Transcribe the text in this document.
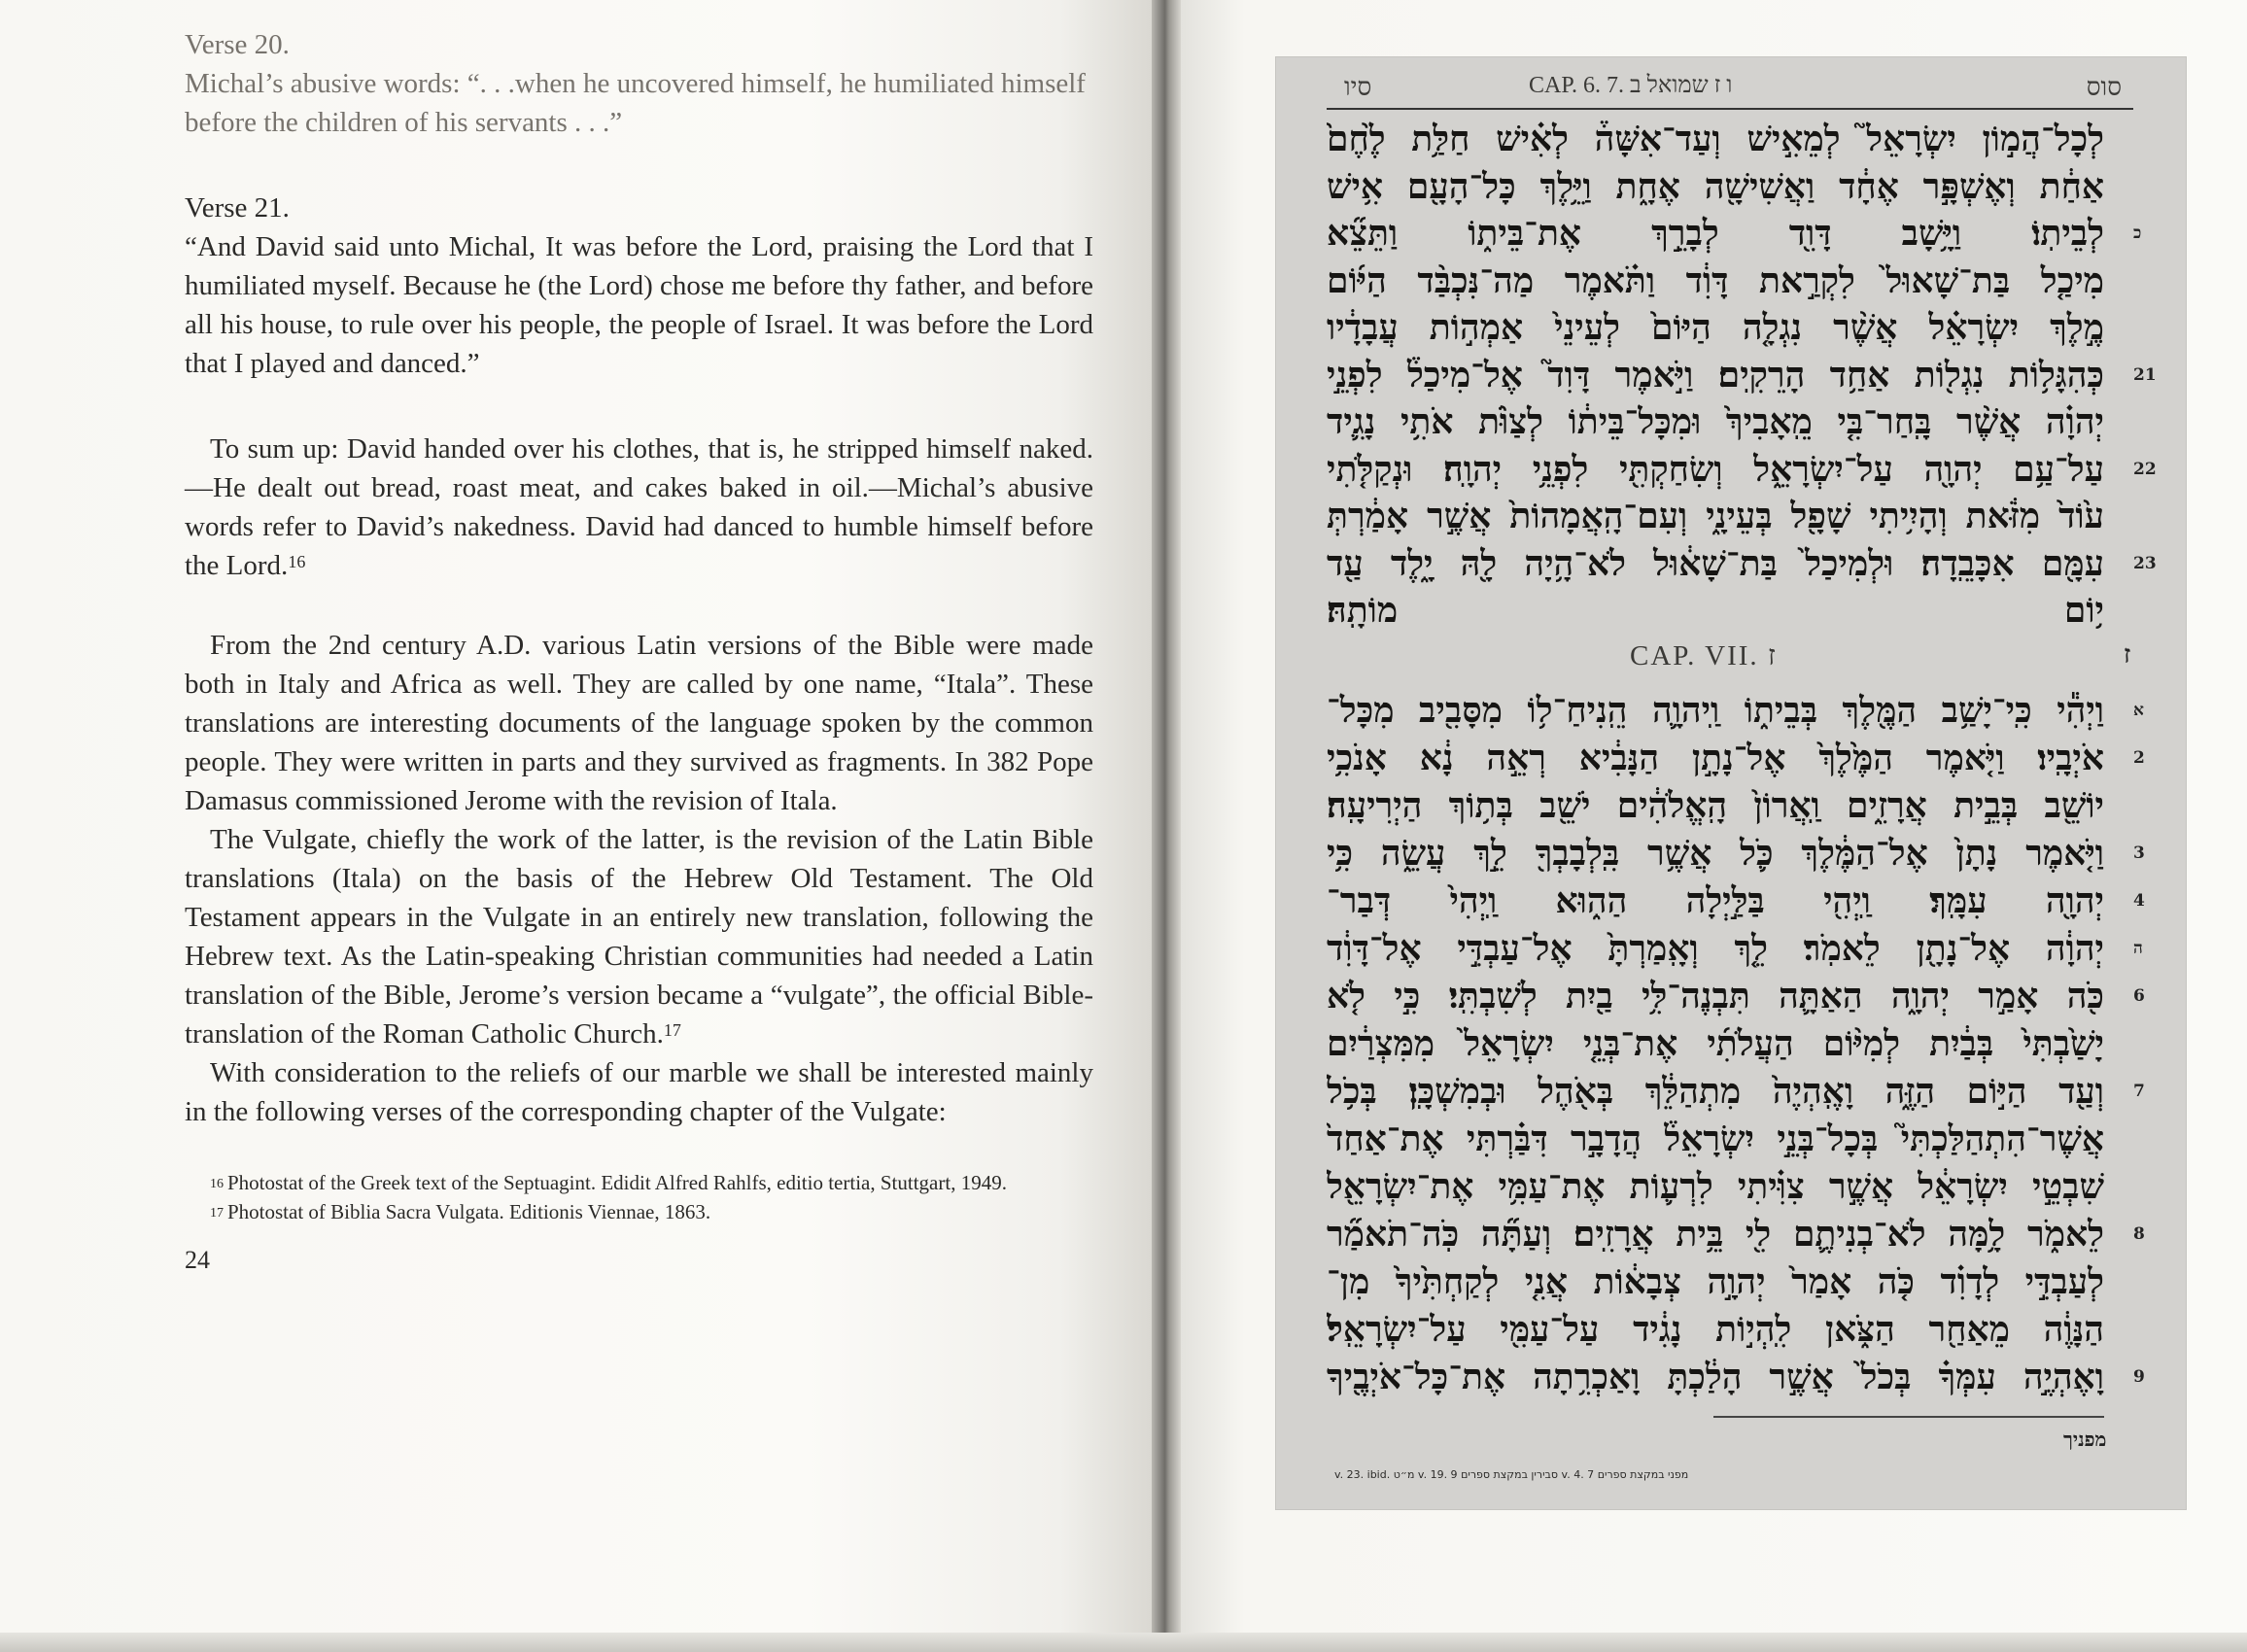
Verse 20.

Michal’s abusive words: “. . .when he uncovered himself, he humiliated himself before the children of his servants . . .”

Verse 21.

“And David said unto Michal, It was before the Lord, praising the Lord that I humiliated myself. Because he (the Lord) chose me before thy father, and before all his house, to rule over his people, the people of Israel. It was before the Lord that I played and danced.”

To sum up: David handed over his clothes, that is, he stripped himself naked.—He dealt out bread, roast meat, and cakes baked in oil.—Michal’s abusive words refer to David’s nakedness. David had danced to humble himself before the Lord.$^{16}$

From the 2nd century A.D. various Latin versions of the Bible were made both in Italy and Africa as well. They are called by one name, “Itala”. These translations are interesting documents of the language spoken by the common people. They were written in parts and they survived as fragments. In 382 Pope Damasus commissioned Jerome with the revision of Itala.

The Vulgate, chiefly the work of the latter, is the revision of the Latin Bible translations (Itala) on the basis of the Hebrew Old Testament. The Old Testament appears in the Vulgate in an entirely new translation, following the Hebrew text. As the Latin-speaking Christian communities had needed a Latin translation of the Bible, Jerome’s version became a “vulgate”, the official Bible-translation of the Roman Catholic Church.$^{17}$

With consideration to the reliefs of our marble we shall be interested mainly in the following verses of the corresponding chapter of the Vulgate:

$^{16}$ Photostat of the Greek text of the Septuagint. Edidit Alfred Rahlfs, editio tertia, Stuttgart, 1949.

$^{17}$ Photostat of Biblia Sacra Vulgata. Editionis Viennae, 1863.

24
סיו	CAP. 6. 7. ו ז שמואל ב	סוס
לְכָל־הֲמ֣וֹן יִשְׂרָאֵל֮ לְמֵאִ֣ישׁ וְעַד־אִשָּׁה֒ לְאִ֗ישׁ חַלַּ֥ת לֶ֙חֶם֙
אַחַ֔ת וְאֶשְׁפָּ֣ר אֶחָ֔ד וַאֲשִׁישָׁ֖ה אֶחָ֑ת וַיֵּ֥לֶךְ כָּל־הָעָ֖ם אִ֥ישׁ
לְבֵיתֽוֹ׃ וַיָּ֥שָׁב דָּוִ֖ד לְבָרֵ֣ךְ אֶת־בֵּית֑וֹ וַתֵּצֵ֞א כ
מִיכַ֤ל בַּת־שָׁאוּל֙ לִקְרַ֣את דָּוִ֔ד וַתֹּ֗אמֶר מַה־נִּכְבַּ֨ד הַיּ֜וֹם
מֶ֣לֶךְ יִשְׂרָאֵ֗ל אֲשֶׁ֨ר נִגְלָ֤ה הַיּוֹם֙ לְעֵינֵי֙ אַמְה֣וֹת עֲבָדָ֔יו
כְּהִגָּל֥וֹת נִגְל֖וֹת אַחַ֥ד הָרֵקִֽים׃ וַיֹּ֣אמֶר דָּוִד֮ אֶל־מִיכַל֒ לִפְנֵ֣י 21
יְהוָ֗ה אֲשֶׁ֨ר בָּֽחַר־בִּ֤י מֵֽאָבִיךְ֙ וּמִכָּל־בֵּית֔וֹ לְצַוֹּ֨ת אֹתִ֥י נָגִ֛יד
עַל־עַ֥ם יְהוָ֖ה עַל־יִשְׂרָאֵ֑ל וְשִׂחַקְתִּ֖י לִפְנֵ֥י יְהוָֽה׃ וּנְקַלֹּ֤תִי 22
ע֙וֹד֙ מִזֹּ֔את וְהָיִ֥יתִי שָׁפָ֖ל בְּעֵינָ֑י וְעִם־הָֽאֲמָהוֹת֙ אֲשֶׁ֣ר אָמַ֔רְתְּ
עִמָּ֖ם אִכָּבֵֽדָה׃ וּלְמִיכַל֙ בַּת־שָׁא֔וּל לֹא־הָ֥יָה לָ֖הּ יָ֑לֶד עַ֖ד 23
י֥וֹם מוֹתָֽהּ׃
וַיְהִ֕י כִּֽי־יָשַׁ֥ב הַמֶּ֖לֶךְ בְּבֵית֑וֹ וַֽיהוָ֛ה הֵֽנִיחַ־ל֥וֹ מִסָּבִ֖יב מִכָּל־ א
אֹיְבָֽיו׃ וַיֹּ֤אמֶר הַמֶּ֙לֶךְ֙ אֶל־נָתָ֣ן הַנָּבִ֔יא רְאֵ֣ה נָ֔א אָנֹכִ֥י 2
יוֹשֵׁ֖ב בְּבֵ֣ית אֲרָזִ֑ים וַֽאֲרוֹן֙ הָֽאֱלֹהִ֔ים יֹשֵׁ֖ב בְּת֥וֹךְ הַיְרִיעָֽה׃
וַיֹּ֤אמֶר נָתָן֙ אֶל־הַמֶּ֔לֶךְ כֹּ֛ל אֲשֶׁ֥ר בִּֽלְבָבְךָ֖ לֵ֣ךְ עֲשֵׂ֑ה כִּ֥י 3
יְהוָ֖ה עִמָּֽךְ׃ וַֽיְהִ֖י בַּלַּ֣יְלָה הַה֑וּא וַֽיְהִי֙ דְּבַר־ 4
יְהוָ֔ה אֶל־נָתָ֖ן לֵאמֹֽר׃ לֵ֤ךְ וְאָֽמַרְתָּ֙ אֶל־עַבְדִּ֣י אֶל־דָּוִ֔ד ה
כֹּ֖ה אָמַ֣ר יְהוָ֑ה הַאַתָּ֛ה תִּבְנֶה־לִּ֥י בַ֖יִת לְשִׁבְתִּֽי׃ כִּ֣י לֹ֤א 6
יָשַׁ֙בְתִּי֙ בְּבַ֔יִת לְמִיּ֨וֹם הַעֲלֹתִ֜י אֶת־בְּנֵ֤י יִשְׂרָאֵל֙ מִמִּצְרַ֔יִם
וְעַ֖ד הַיּ֣וֹם הַזֶּ֑ה וָאֶֽהְיֶה֙ מִתְהַלֵּ֔ךְ בְּאֹ֖הֶל וּבְמִשְׁכָּֽן׃ בְּכֹ֥ל 7
אֲשֶׁר־הִתְהַלַּכְתִּי֮ בְּכָל־בְּנֵ֣י יִשְׂרָאֵל֒ הֲדָבָ֣ר דִּבַּ֗רְתִּי אֶת־אַחַד֙
שִׁבְטֵ֣י יִשְׂרָאֵ֔ל אֲשֶׁ֣ר צִוִּ֗יתִי לִרְע֛וֹת אֶת־עַמִּ֥י אֶת־יִשְׂרָאֵ֖ל
לֵאמֹ֑ר לָ֥מָּה לֹא־בְנִיתֶ֛ם לִ֖י בֵּ֥ית אֲרָזִֽים׃ וְעַתָּ֞ה כֹּֽה־תֹאמַ֞ר 8
לְעַבְדִּ֣י לְדָוִ֗ד כֹּ֤ה אָמַר֙ יְהוָ֣ה צְבָא֔וֹת אֲנִ֤י לְקַחְתִּ֙יךָ֙ מִן־
הַנָּוֶ֔ה מֵאַחַ֖ר הַצֹּ֑אן לִֽהְי֣וֹת נָגִ֔יד עַל־עַמִּ֖י עַל־יִשְׂרָאֵֽל׃
וָאֶהְיֶ֣ה עִמְּךָ֗ בְּכֹל֙ אֲשֶׁ֣ר הָלַ֔כְתָּ וָאַכְרִ֥תָה אֶת־כָּל־אֹיְבֶ֖יךָ 9
CAP. VII. ז	ז
מפניך
v. 23. ibid. מ״ט v. 19. 9 סבירין במקצת ספרים v. 4. 7 מפני במקצת ספרים
